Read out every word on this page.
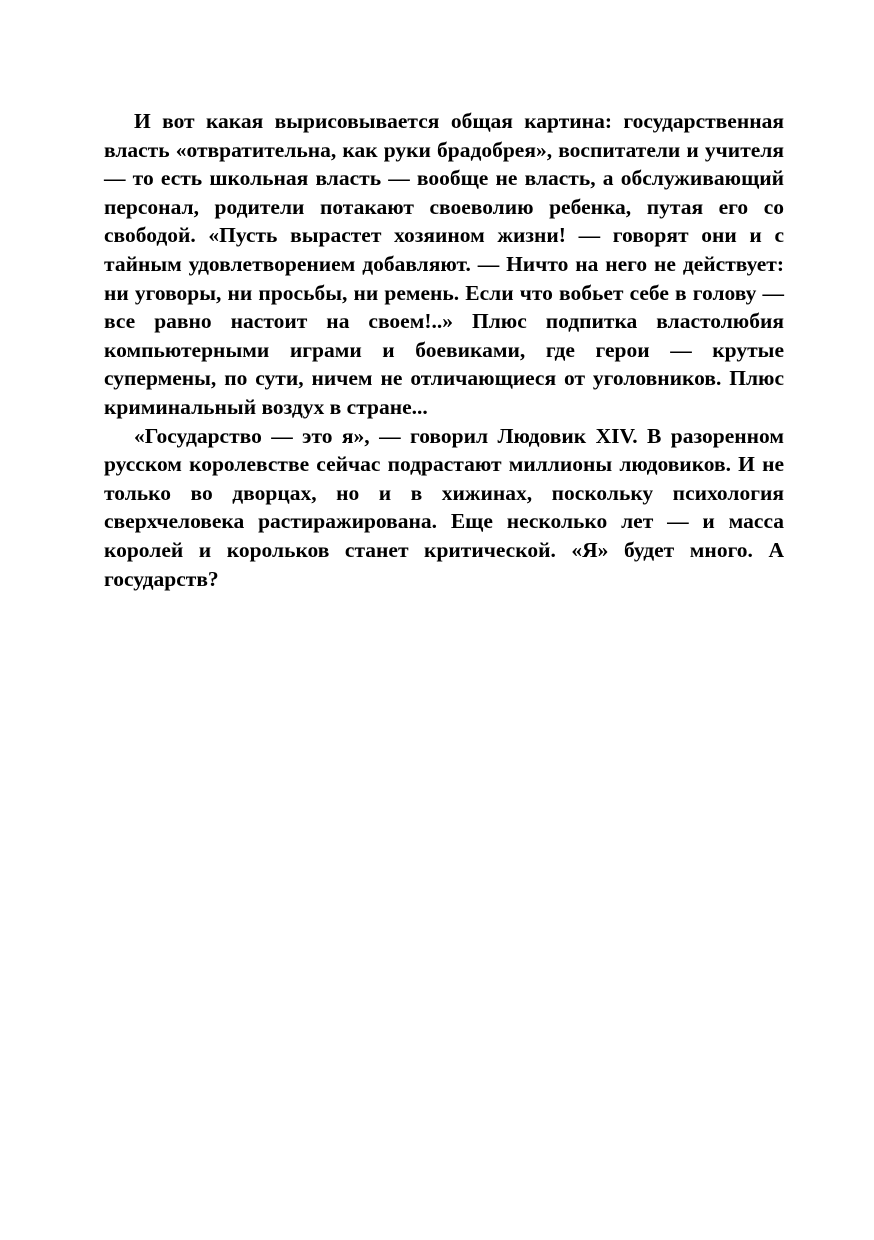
И вот какая вырисовывается общая картина: государственная власть «отвратительна, как руки брадобрея», воспитатели и учителя — то есть школьная власть — вообще не власть, а обслуживающий персонал, родители потакают своеволию ребенка, путая его со свободой. «Пусть вырастет хозяином жизни! — говорят они и с тайным удовлетворением добавляют. — Ничто на него не действует: ни уговоры, ни просьбы, ни ремень. Если что вобьет себе в голову — все равно настоит на своем!..» Плюс подпитка властолюбия компьютерными играми и боевиками, где герои — крутые супермены, по сути, ничем не отличающиеся от уголовников. Плюс криминальный воздух в стране...

«Государство — это я», — говорил Людовик XIV. В разоренном русском королевстве сейчас подрастают миллионы людовиков. И не только во дворцах, но и в хижинах, поскольку психология сверхчеловека растиражирована. Еще несколько лет — и масса королей и корольков станет критической. «Я» будет много. А государств?
